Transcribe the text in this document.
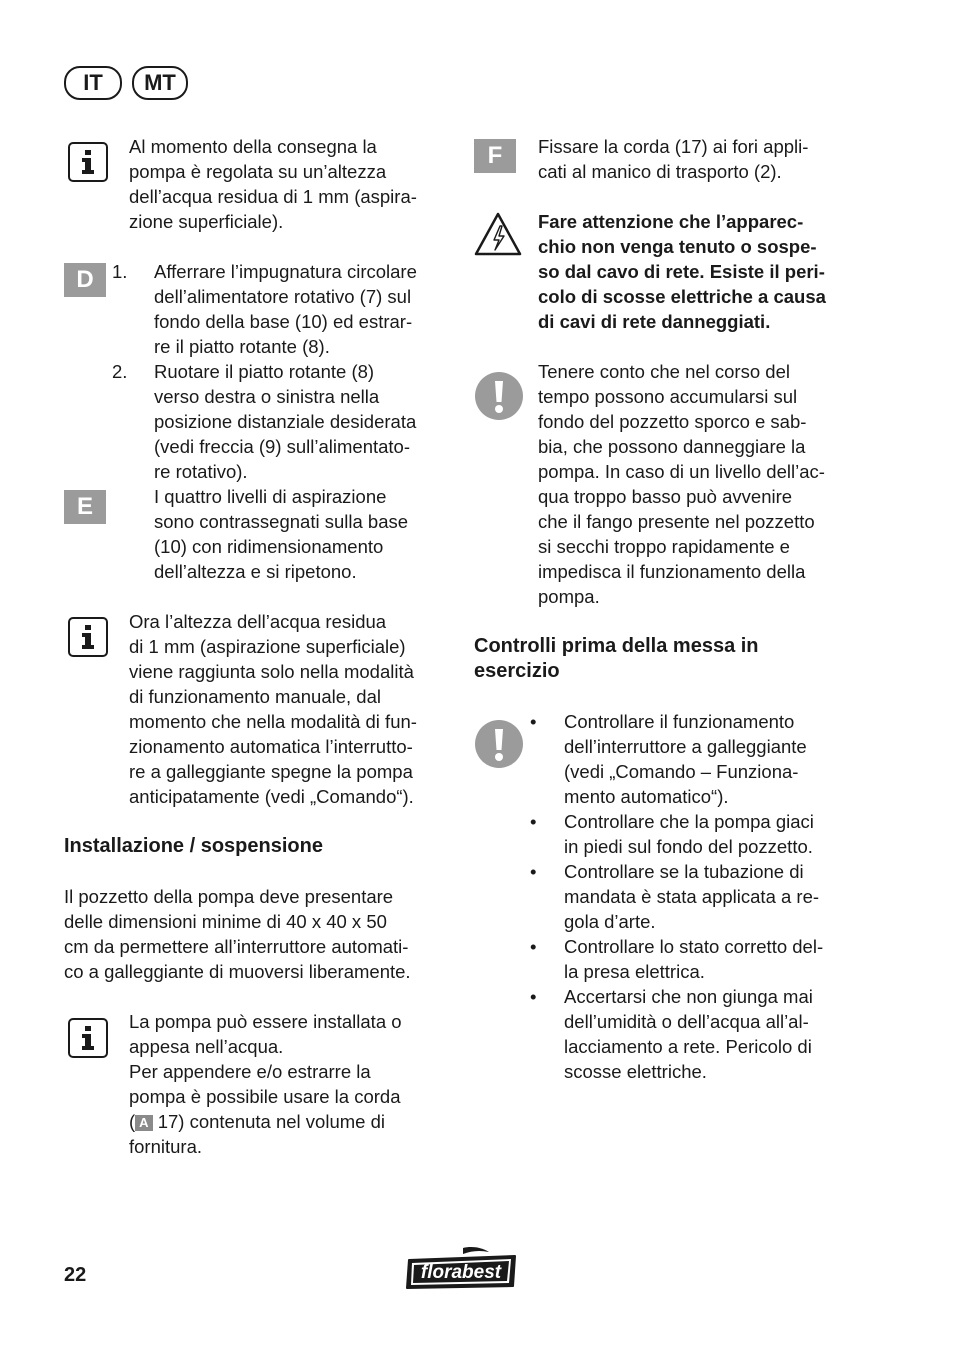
IT	MT
Al momento della consegna la
pompa è regolata su un’altezza
dell’acqua residua di 1 mm (aspira-
zione superficiale).
D 1. Afferrare l’impugnatura circolare
dell’alimentatore rotativo (7) sul
fondo della base (10) ed estrar-
re il piatto rotante (8).
2. Ruotare il piatto rotante (8)
verso destra o sinistra nella
posizione distanziale desiderata
(vedi freccia (9) sull’alimentato-
re rotativo).
E	I quattro livelli di aspirazione
sono contrassegnati sulla base
(10) con ridimensionamento
dell’altezza e si ripetono.
Ora l’altezza dell’acqua residua
di 1 mm (aspirazione superficiale)
viene raggiunta solo nella modalità
di funzionamento manuale, dal
momento che nella modalità di fun-
zionamento automatica l’interrutto-
re a galleggiante spegne la pompa
anticipatamente (vedi „Comando“).
Installazione / sospensione
Il pozzetto della pompa deve presentare
delle dimensioni minime di 40 x 40 x 50
cm da permettere all’interruttore automati-
co a galleggiante di muoversi liberamente.
La pompa può essere installata o
appesa nell’acqua.
Per appendere e/o estrarre la
pompa è possibile usare la corda
( A 17) contenuta nel volume di
fornitura.
F	Fissare la corda (17) ai fori appli-
cati al manico di trasporto (2).
Fare attenzione che l’apparec-
chio non venga tenuto o sospe-
so dal cavo di rete. Esiste il peri-
colo di scosse elettriche a causa
di cavi di rete danneggiati.
Tenere conto che nel corso del
tempo possono accumularsi sul
fondo del pozzetto sporco e sab-
bia, che possono danneggiare la
pompa. In caso di un livello dell’ac-
qua troppo basso può avvenire
che il fango presente nel pozzetto
si secchi troppo rapidamente e
impedisca il funzionamento della
pompa.
Controlli prima della messa in
esercizio
• Controllare il funzionamento
dell’interruttore a galleggiante
(vedi „Comando – Funziona-
mento automatico“).
• Controllare che la pompa giaci
in piedi sul fondo del pozzetto.
• Controllare se la tubazione di
mandata è stata applicata a re-
gola d’arte.
• Controllare lo stato corretto del-
la presa elettrica.
• Accertarsi che non giunga mai
dell’umidità o dell’acqua all’al-
lacciamento a rete. Pericolo di
scosse elettriche.
22	florabest
